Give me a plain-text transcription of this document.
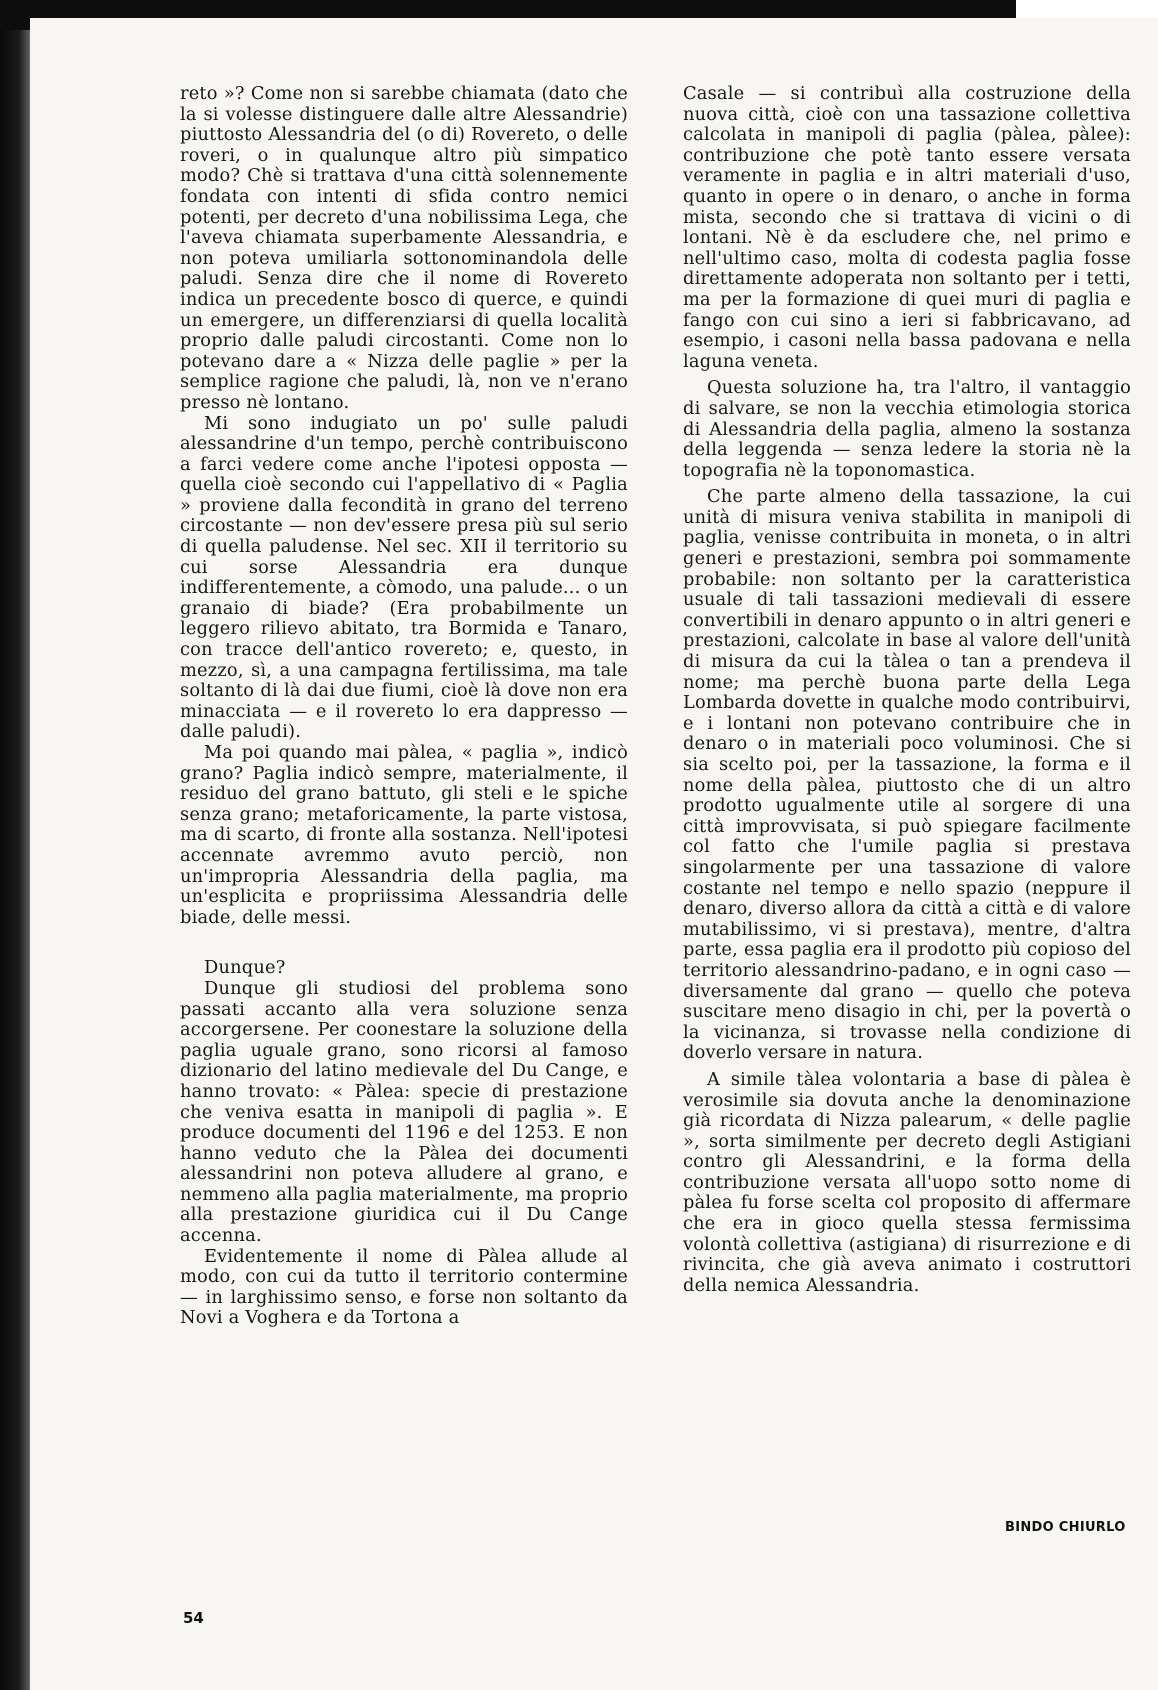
reto »? Come non si sarebbe chiamata (dato che la si volesse distinguere dalle altre Alessandrie) piuttosto Alessandria del (o di) Rovereto, o delle roveri, o in qualunque altro più simpatico modo? Chè si trattava d'una città solennemente fondata con intenti di sfida contro nemici potenti, per decreto d'una nobilissima Lega, che l'aveva chiamata superbamente Alessandria, e non poteva umiliarla sottonominandola delle paludi. Senza dire che il nome di Rovereto indica un precedente bosco di querce, e quindi un emergere, un differenziarsi di quella località proprio dalle paludi circostanti. Come non lo potevano dare a « Nizza delle paglie » per la semplice ragione che paludi, là, non ve n'erano presso nè lontano.

Mi sono indugiato un po' sulle paludi alessandrine d'un tempo, perchè contribuiscono a farci vedere come anche l'ipotesi opposta — quella cioè secondo cui l'appellativo di « Paglia » proviene dalla fecondità in grano del terreno circostante — non dev'essere presa più sul serio di quella paludense. Nel sec. XII il territorio su cui sorse Alessandria era dunque indifferentemente, a còmodo, una palude... o un granaio di biade? (Era probabilmente un leggero rilievo abitato, tra Bormida e Tanaro, con tracce dell'antico rovereto; e, questo, in mezzo, sì, a una campagna fertilissima, ma tale soltanto di là dai due fiumi, cioè là dove non era minacciata — e il rovereto lo era dappresso — dalle paludi).

Ma poi quando mai pàlea, « paglia », indicò grano? Paglia indicò sempre, materialmente, il residuo del grano battuto, gli steli e le spiche senza grano; metaforicamente, la parte vistosa, ma di scarto, di fronte alla sostanza. Nell'ipotesi accennate avremmo avuto perciò, non un'impropria Alessandria della paglia, ma un'esplicita e propriissima Alessandria delle biade, delle messi.

Dunque?

Dunque gli studiosi del problema sono passati accanto alla vera soluzione senza accorgersene. Per coonestare la soluzione della paglia uguale grano, sono ricorsi al famoso dizionario del latino medievale del Du Cange, e hanno trovato: « Pàlea: specie di prestazione che veniva esatta in manipoli di paglia ». E produce documenti del 1196 e del 1253. E non hanno veduto che la Pàlea dei documenti alessandrini non poteva alludere al grano, e nemmeno alla paglia materialmente, ma proprio alla prestazione giuridica cui il Du Cange accenna.

Evidentemente il nome di Pàlea allude al modo, con cui da tutto il territorio contermine — in larghissimo senso, e forse non soltanto da Novi a Voghera e da Tortona a

Casale — si contribuì alla costruzione della nuova città, cioè con una tassazione collettiva calcolata in manipoli di paglia (pàlea, pàlee): contribuzione che potè tanto essere versata veramente in paglia e in altri materiali d'uso, quanto in opere o in denaro, o anche in forma mista, secondo che si trattava di vicini o di lontani. Nè è da escludere che, nel primo e nell'ultimo caso, molta di codesta paglia fosse direttamente adoperata non soltanto per i tetti, ma per la formazione di quei muri di paglia e fango con cui sino a ieri si fabbricavano, ad esempio, i casoni nella bassa padovana e nella laguna veneta.

Questa soluzione ha, tra l'altro, il vantaggio di salvare, se non la vecchia etimologia storica di Alessandria della paglia, almeno la sostanza della leggenda — senza ledere la storia nè la topografia nè la toponomastica.

Che parte almeno della tassazione, la cui unità di misura veniva stabilita in manipoli di paglia, venisse contribuita in moneta, o in altri generi e prestazioni, sembra poi sommamente probabile: non soltanto per la caratteristica usuale di tali tassazioni medievali di essere convertibili in denaro appunto o in altri generi e prestazioni, calcolate in base al valore dell'unità di misura da cui la tàlea o tan a prendeva il nome; ma perchè buona parte della Lega Lombarda dovette in qualche modo contribuirvi, e i lontani non potevano contribuire che in denaro o in materiali poco voluminosi. Che si sia scelto poi, per la tassazione, la forma e il nome della pàlea, piuttosto che di un altro prodotto ugualmente utile al sorgere di una città improvvisata, si può spiegare facilmente col fatto che l'umile paglia si prestava singolarmente per una tassazione di valore costante nel tempo e nello spazio (neppure il denaro, diverso allora da città a città e di valore mutabilissimo, vi si prestava), mentre, d'altra parte, essa paglia era il prodotto più copioso del territorio alessandrino-padano, e in ogni caso — diversamente dal grano — quello che poteva suscitare meno disagio in chi, per la povertà o la vicinanza, si trovasse nella condizione di doverlo versare in natura.

A simile tàlea volontaria a base di pàlea è verosimile sia dovuta anche la denominazione già ricordata di Nizza palearum, « delle paglie », sorta similmente per decreto degli Astigiani contro gli Alessandrini, e la forma della contribuzione versata all'uopo sotto nome di pàlea fu forse scelta col proposito di affermare che era in gioco quella stessa fermissima volontà collettiva (astigiana) di risurrezione e di rivincita, che già aveva animato i costruttori della nemica Alessandria.

BINDO CHIURLO
54
